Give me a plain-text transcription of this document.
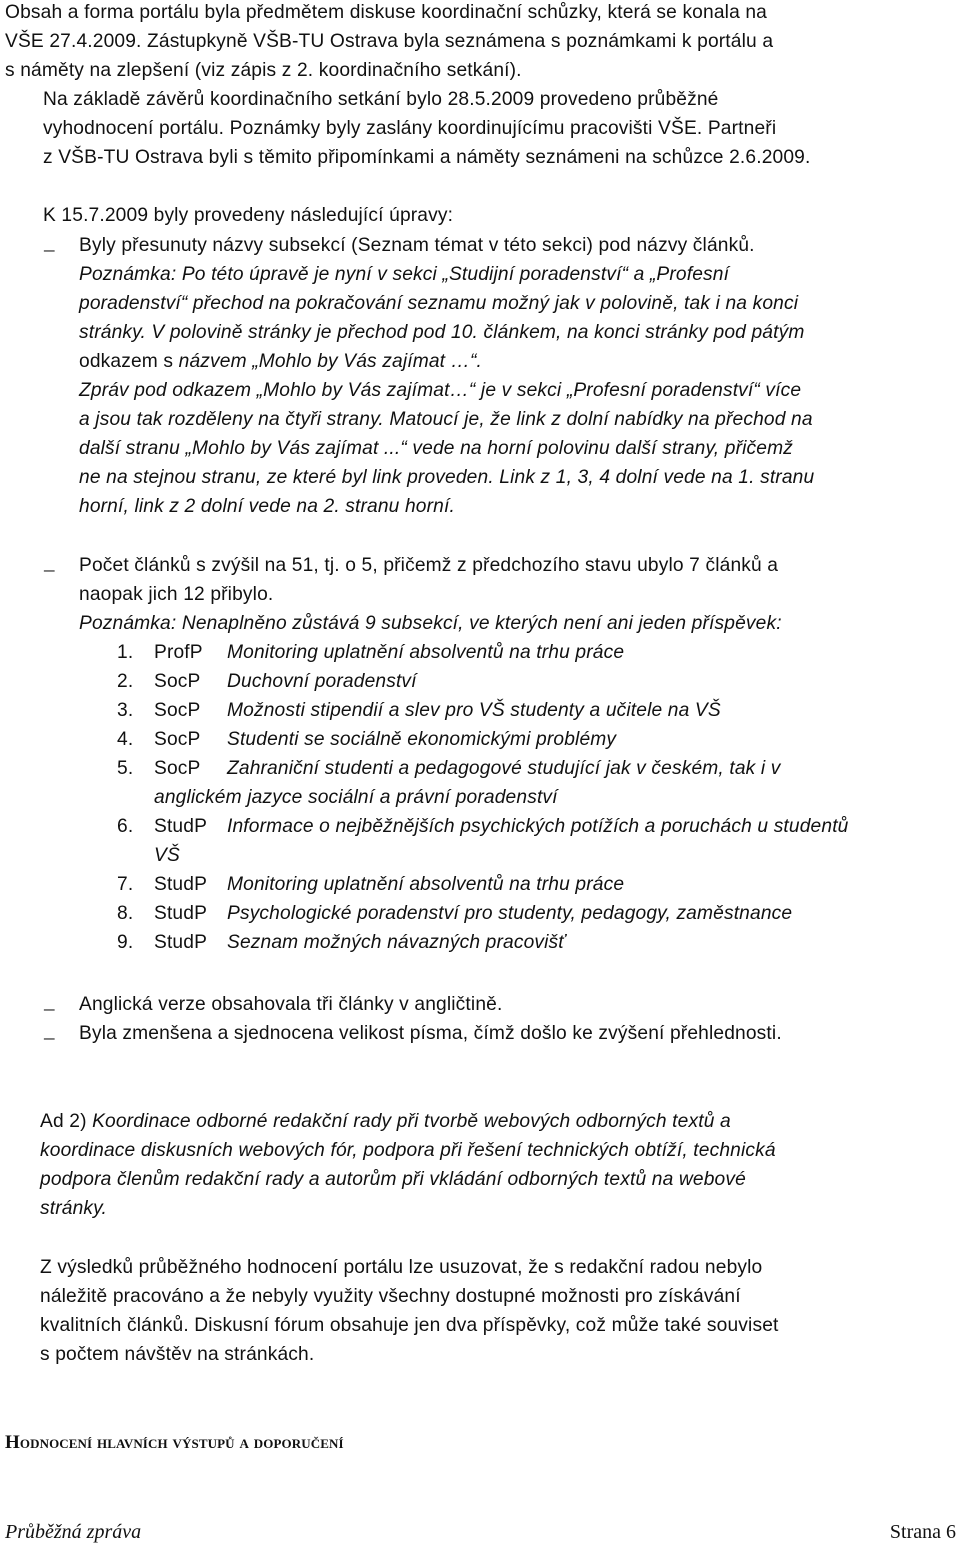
Obsah a forma portálu byla předmětem diskuse koordinační schůzky, která se konala na
VŠE 27.4.2009. Zástupkyně VŠB-TU Ostrava byla seznámena s poznámkami k portálu a
s náměty na zlepšení (viz zápis z 2. koordinačního setkání).
Na základě závěrů koordinačního setkání bylo 28.5.2009 provedeno průběžné
vyhodnocení portálu. Poznámky byly zaslány koordinujícímu pracovišti VŠE. Partneři
z VŠB-TU Ostrava byli s těmito připomínkami a náměty seznámeni na schůzce 2.6.2009.
K 15.7.2009 byly provedeny následující úpravy:
– Byly přesunuty názvy subsekcí (Seznam témat v této sekci) pod názvy článků.
Poznámka: Po této úpravě je nyní v sekci „Studijní poradenství“ a „Profesní
poradenství“ přechod na pokračování seznamu možný jak v polovině, tak i na konci
stránky. V polovině stránky je přechod pod 10. článkem, na konci stránky pod pátým
odkazem s názvem „Mohlo by Vás zajímat …“.
Zpráv pod odkazem „Mohlo by Vás zajímat…“ je v sekci „Profesní poradenství“ více
a jsou tak rozděleny na čtyři strany. Matoucí je, že link z dolní nabídky na přechod na
další stranu „Mohlo by Vás zajímat ...“ vede na horní polovinu další strany, přičemž
ne na stejnou stranu, ze které byl link proveden. Link z 1, 3, 4 dolní vede na 1. stranu
horní, link z 2 dolní vede na 2. stranu horní.
– Počet článků s zvýšil na 51, tj. o 5, přičemž z předchozího stavu ubylo 7 článků a
naopak jich 12 přibylo.
Poznámka: Nenaplněno zůstává 9 subsekcí, ve kterých není ani jeden příspěvek:
1. ProfP Monitoring uplatnění absolventů na trhu práce
2. SocP Duchovní poradenství
3. SocP Možnosti stipendií a slev pro VŠ studenty a učitele na VŠ
4. SocP Studenti se sociálně ekonomickými problémy
5. SocP Zahraniční studenti a pedagogové studující jak v českém, tak i v
anglickém jazyce sociální a právní poradenství
6. StudP Informace o nejběžnějších psychických potížích a poruchách u studentů
VŠ
7. StudP Monitoring uplatnění absolventů na trhu práce
8. StudP Psychologické poradenství pro studenty, pedagogy, zaměstnance
9. StudP Seznam možných návazných pracovišť
– Anglická verze obsahovala tři články v angličtině.
– Byla zmenšena a sjednocena velikost písma, čímž došlo ke zvýšení přehlednosti.
Ad 2) Koordinace odborné redakční rady při tvorbě webových odborných textů a
koordinace diskusních webových fór, podpora při řešení technických obtíží, technická
podpora členům redakční rady a autorům při vkládání odborných textů na webové
stránky.
Z výsledků průběžného hodnocení portálu lze usuzovat, že s redakční radou nebylo
náležitě pracováno a že nebyly využity všechny dostupné možnosti pro získávání
kvalitních článků. Diskusní fórum obsahuje jen dva příspěvky, což může také souviset
s počtem návštěv na stránkách.
Hodnocení hlavních výstupů a doporučení
Průběžná zpráva	Strana 6
